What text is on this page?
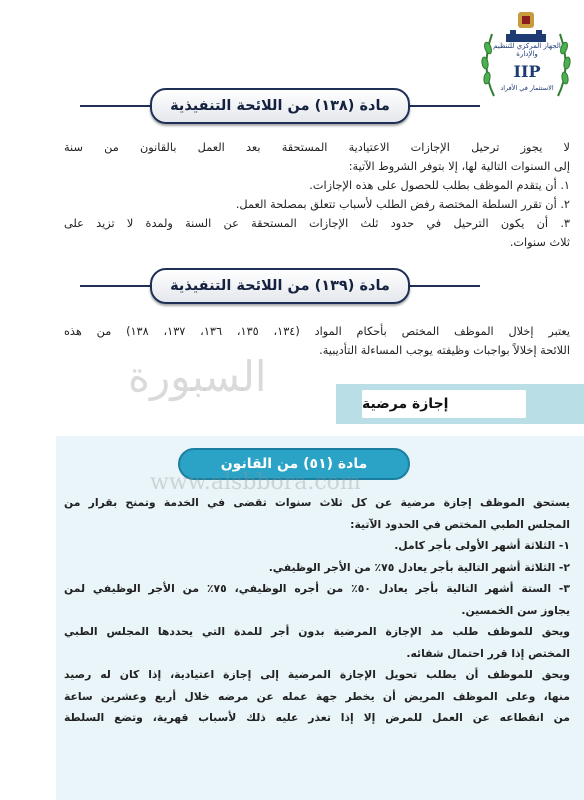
الجهاز المركزي للتنظيم والإدارة
IIP
الاستثمار في الأفراد
مادة (١٣٨) من اللائحة التنفيذية
لا يجوز ترحيل الإجازات الاعتيادية المستحقة بعد العمل بالقانون من سنة
إلى السنوات التالية لها، إلا بتوفر الشروط الآتية:
١. أن يتقدم الموظف بطلب للحصول على هذه الإجازات.
٢. أن تقرر السلطة المختصة رفض الطلب لأسباب تتعلق بمصلحة العمل.
٣. أن يكون الترحيل في حدود ثلث الإجازات المستحقة عن السنة ولمدة لا تزيد على
ثلاث سنوات.
مادة (١٣٩) من اللائحة التنفيذية
يعتبر إخلال الموظف المختص بأحكام المواد (١٣٤، ١٣٥، ١٣٦، ١٣٧، ١٣٨) من هذه
اللائحة إخلالاً بواجبات وظيفته يوجب المساءلة التأديبية.
السبورة
إجازة مرضية
مادة (٥١) من القانون
www.alsbbora.com
يستحق الموظف إجازة مرضية عن كل ثلاث سنوات تقضى في الخدمة وتمنح بقرار من
المجلس الطبي المختص في الحدود الآتية:
١- الثلاثة أشهر الأولى بأجر كامل.
٢- الثلاثة أشهر التالية بأجر يعادل ٧٥٪ من الأجر الوظيفي.
٣- الستة أشهر التالية بأجر يعادل ٥٠٪ من أجره الوظيفي، ٧٥٪ من الأجر الوظيفي لمن
يجاوز سن الخمسين.
ويحق للموظف طلب مد الإجازة المرضية بدون أجر للمدة التي يحددها المجلس الطبي
المختص إذا قرر احتمال شفائه.
ويحق للموظف أن يطلب تحويل الإجازة المرضية إلى إجازة اعتيادية، إذا كان له رصيد
منها، وعلى الموظف المريض أن يخطر جهة عمله عن مرضه خلال أربع وعشرين ساعة
من انقطاعه عن العمل للمرض إلا إذا تعذر عليه ذلك لأسباب قهرية، وتضع السلطة
